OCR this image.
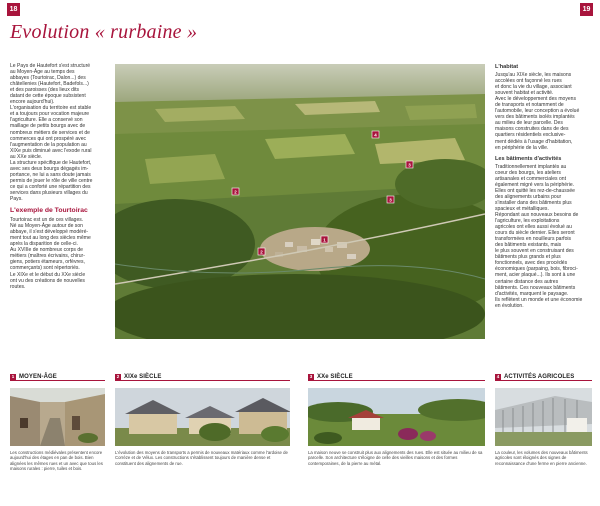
18	19
Evolution « rurbaine »
Le Pays de Hautefort s'est structuré
au Moyen-Âge au temps des
abbayes (Tourtoirac, Dalon...) des
châtellenies (Hautefort, Badefols...)
et des paroisses (des lieux dits
datant de cette époque subsistent
encore aujourd'hui).
L'organisation du territoire est stable
et a toujours pour vocation majeure
l'agriculture. Elle a conservé son
maillage de petits bourgs avec de
nombreux métiers de services et de
commerces qui ont prospéré avec
l'augmentation de la population au
XIXe puis diminué avec l'exode rural
au XXe siècle.
La structure spécifique de Hautefort,
avec ses deux bourgs dégagés im-
portance, ne lui a sans doute jamais
permis de jouer le rôle de ville centre
ce qui a conforté une répartition des
services dans plusieurs villages du
Pays.
L'exemple de Tourtoirac
Tourtoirac est un de ces villages.
Né au Moyen-Âge autour de son
abbaye, il s'est développé modéré-
ment tout au long des siècles même
après la disparition de celle-ci.
Au XVIIIe de nombreux corps de
métiers (maîtres écrivains, chirur-
giens, potiers étameurs, orfèvres,
commerçants) sont répertoriés.
Le XIXe et le début du XXe siècle
ont vu des créations de nouvelles
routes.
1
2
2
3
3
4
L'habitat
Jusqu'au XIXe siècle, les maisons
accolées ont façonné les rues
et donc la vie du village, associant
souvent habitat et activité.
Avec le développement des moyens
de transports et notamment de
l'automobile, leur conception a évolué
vers des bâtiments isolés implantés
au milieu de leur parcelle. Des
maisons construites dans de des
quartiers résidentiels exclusive-
ment dédiés à l'usage d'habitation,
en périphérie de la ville.
Les bâtiments d'activités
Traditionnellement implantés au
coeur des bourgs, les ateliers
artisanales et commerciales ont
également migré vers la périphérie.
Elles ont quitté les rez-de-chaussée
des alignements urbains pour
s'installer dans des bâtiments plus
spacieux et métalliques.
Répondant aux nouveaux besoins de
l'agriculture, les exploitations
agricoles ont elles aussi évolué au
cours du siècle dernier. Elles seront
transformées en nouilleurs parfois
des bâtiments existants, mais
le plus souvent en construisant des
bâtiments plus grands et plus
fonctionnels, avec des procédés
économiques (parpaing, bois, fibroci-
ment, acier plaqué...). Ils sont à une
certaine distance des autres
bâtiments. Ces nouveaux bâtiments
d'activités, marquent le paysage.
Ils reflètent un monde et une économie
en évolution.
1 MOYEN-ÂGE
Les constructions médiévales présentent encore aujourd'hui des étages en pan de bois. Bien alignées les mêmes rues et un avec que tous les maisons rurales : pierre, tuiles et bois.
2 XIXe SIÈCLE
L'évolution des moyens de transports a permis de nouveaux matériaux comme l'ardoise de Corrèze et de Vélux. Les constructions s'établissent toujours de manière dense et constituent des alignements de rue.
3 XXe SIÈCLE
La maison neuve se construit plus aux alignements des rues. Elle est située au milieu de sa parcelle. Son architecture s'éloigne de celle des vieilles maisons et des formes contemporaines, de la pierre au métal.
4 ACTIVITÉS AGRICOLES
La couleur, les volumes des nouveaux bâtiments agricoles sont éloignés des signes de reconnaissance d'une ferme en pierre ancienne.
